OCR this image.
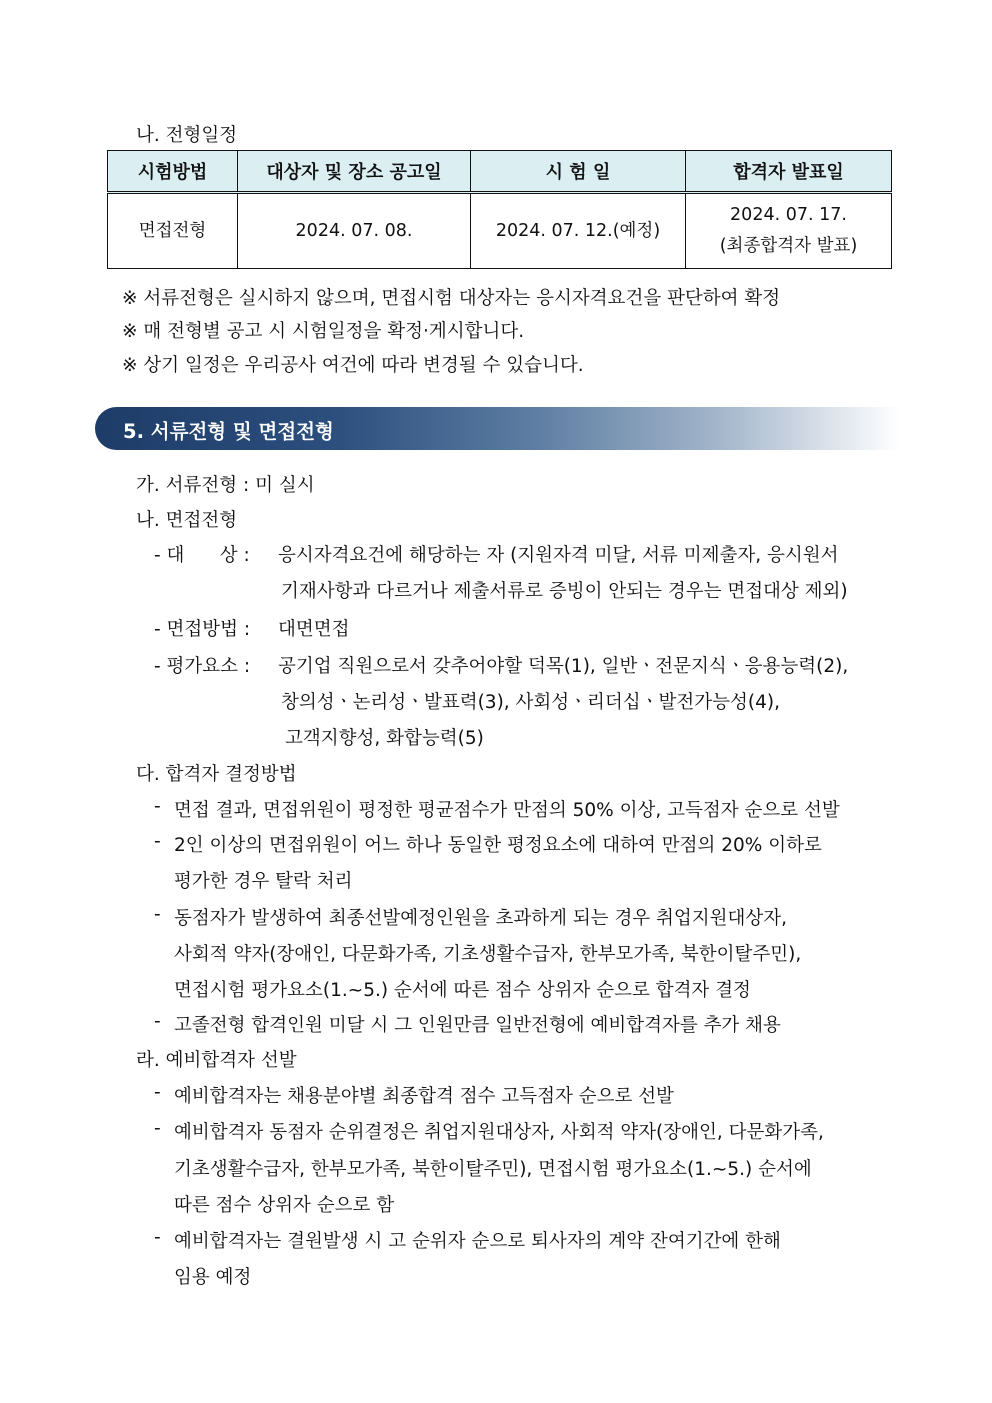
나. 전형일정
시험방법	대상자 및 장소 공고일	시 험 일	합격자 발표일
면접전형	2024. 07. 08.	2024. 07. 12.(예정)	2024. 07. 17.
(최종합격자 발표)
※ 서류전형은 실시하지 않으며, 면접시험 대상자는 응시자격요건을 판단하여 확정
※ 매 전형별 공고 시 시험일정을 확정·게시합니다.
※ 상기 일정은 우리공사 여건에 따라 변경될 수 있습니다.
5. 서류전형 및 면접전형
가. 서류전형 : 미 실시
나. 면접전형
- 대      상 : 응시자격요건에 해당하는 자 (지원자격 미달, 서류 미제출자, 응시원서
기재사항과 다르거나 제출서류로 증빙이 안되는 경우는 면접대상 제외)
- 면접방법 : 대면면접
- 평가요소 : 공기업 직원으로서 갖추어야할 덕목(1), 일반ㆍ전문지식ㆍ응용능력(2),
창의성ㆍ논리성ㆍ발표력(3), 사회성ㆍ리더십ㆍ발전가능성(4),
고객지향성, 화합능력(5)
다. 합격자 결정방법
- 면접 결과, 면접위원이 평정한 평균점수가 만점의 50% 이상, 고득점자 순으로 선발
- 2인 이상의 면접위원이 어느 하나 동일한 평정요소에 대하여 만점의 20% 이하로
평가한 경우 탈락 처리
- 동점자가 발생하여 최종선발예정인원을 초과하게 되는 경우 취업지원대상자,
사회적 약자(장애인, 다문화가족, 기초생활수급자, 한부모가족, 북한이탈주민),
면접시험 평가요소(1.~5.) 순서에 따른 점수 상위자 순으로 합격자 결정
- 고졸전형 합격인원 미달 시 그 인원만큼 일반전형에 예비합격자를 추가 채용
라. 예비합격자 선발
- 예비합격자는 채용분야별 최종합격 점수 고득점자 순으로 선발
- 예비합격자 동점자 순위결정은 취업지원대상자, 사회적 약자(장애인, 다문화가족,
기초생활수급자, 한부모가족, 북한이탈주민), 면접시험 평가요소(1.~5.) 순서에
따른 점수 상위자 순으로 함
- 예비합격자는 결원발생 시 고 순위자 순으로 퇴사자의 계약 잔여기간에 한해
임용 예정
